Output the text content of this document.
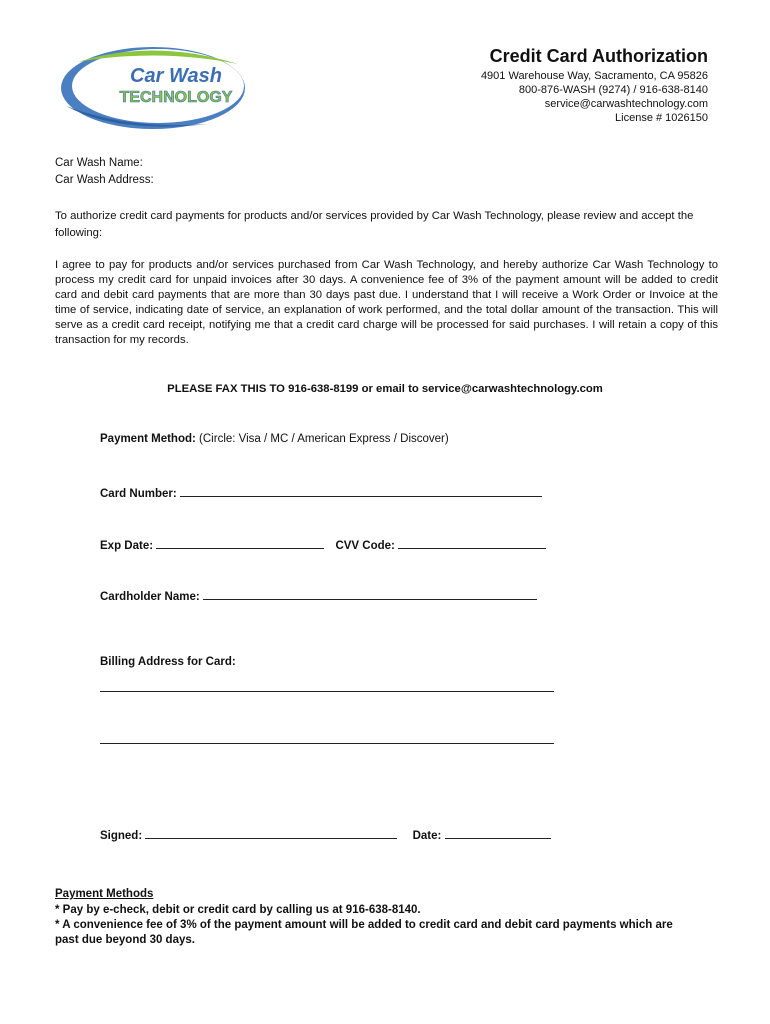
Car Wash
TECHNOLOGY
Credit Card Authorization
4901 Warehouse Way, Sacramento, CA 95826
800-876-WASH (9274) / 916-638-8140
service@carwashtechnology.com
License # 1026150
Car Wash Name:
Car Wash Address:
To authorize credit card payments for products and/or services provided by Car Wash Technology, please review and accept the following:
I agree to pay for products and/or services purchased from Car Wash Technology, and hereby authorize Car Wash Technology to process my credit card for unpaid invoices after 30 days. A convenience fee of 3% of the payment amount will be added to credit card and debit card payments that are more than 30 days past due. I understand that I will receive a Work Order or Invoice at the time of service, indicating date of service, an explanation of work performed, and the total dollar amount of the transaction. This will serve as a credit card receipt, notifying me that a credit card charge will be processed for said purchases. I will retain a copy of this transaction for my records.
PLEASE FAX THIS TO 916-638-8199 or email to service@carwashtechnology.com
Payment Method: (Circle: Visa / MC / American Express / Discover)
Card Number:
Exp Date:	CVV Code:
Cardholder Name:
Billing Address for Card:
Signed:	Date:
Payment Methods
* Pay by e-check, debit or credit card by calling us at 916-638-8140.
* A convenience fee of 3% of the payment amount will be added to credit card and debit card payments which are past due beyond 30 days.
